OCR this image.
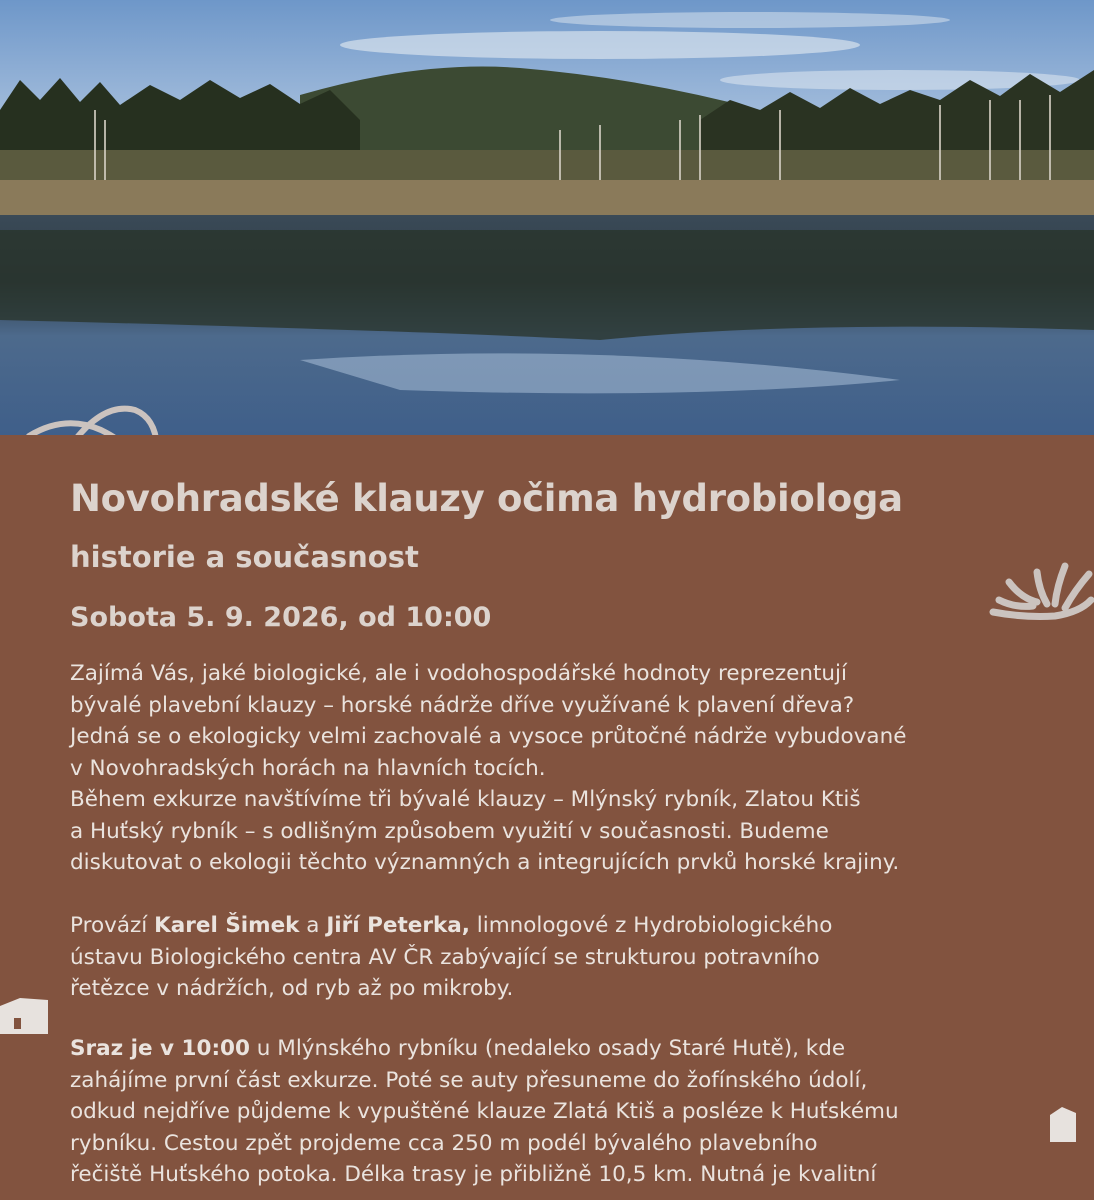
Novohradské klauzy očima hydrobiologa
historie a současnost
Sobota 5. 9. 2026, od 10:00

Zajímá Vás, jaké biologické, ale i vodohospodářské hodnoty reprezentují
bývalé plavební klauzy – horské nádrže dříve využívané k plavení dřeva?
Jedná se o ekologicky velmi zachovalé a vysoce průtočné nádrže vybudované
v Novohradských horách na hlavních tocích.
Během exkurze navštívíme tři bývalé klauzy – Mlýnský rybník, Zlatou Ktiš
a Huťský rybník – s odlišným způsobem využití v současnosti. Budeme
diskutovat o ekologii těchto významných a integrujících prvků horské krajiny.

Provází Karel Šimek a Jiří Peterka, limnologové z Hydrobiologického
ústavu Biologického centra AV ČR zabývající se strukturou potravního
řetězce v nádržích, od ryb až po mikroby.

Sraz je v 10:00 u Mlýnského rybníku (nedaleko osady Staré Hutě), kde
zahájíme první část exkurze. Poté se auty přesuneme do žofínského údolí,
odkud nejdříve půjdeme k vypuštěné klauze Zlatá Ktiš a posléze k Huťskému
rybníku. Cestou zpět projdeme cca 250 m podél bývalého plavebního
řečiště Huťského potoka. Délka trasy je přibližně 10,5 km. Nutná je kvalitní
